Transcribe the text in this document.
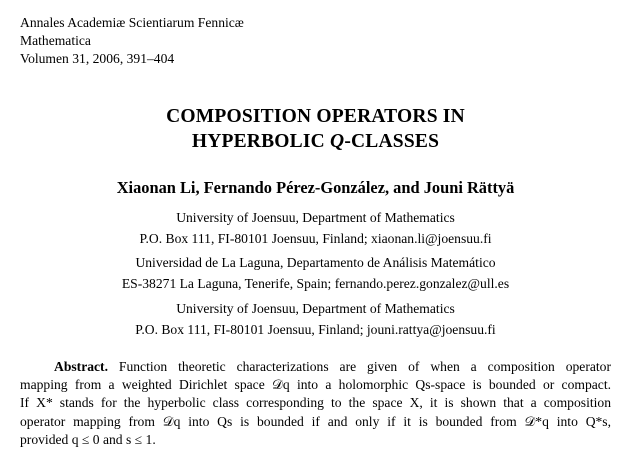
Annales Academiæ Scientiarum Fennicæ
Mathematica
Volumen 31, 2006, 391–404
COMPOSITION OPERATORS IN
HYPERBOLIC Q-CLASSES
Xiaonan Li, Fernando Pérez-González, and Jouni Rättyä
University of Joensuu, Department of Mathematics
P.O. Box 111, FI-80101 Joensuu, Finland; xiaonan.li@joensuu.fi
Universidad de La Laguna, Departamento de Análisis Matemático
ES-38271 La Laguna, Tenerife, Spain; fernando.perez.gonzalez@ull.es
University of Joensuu, Department of Mathematics
P.O. Box 111, FI-80101 Joensuu, Finland; jouni.rattya@joensuu.fi
Abstract. Function theoretic characterizations are given of when a composition operator
mapping from a weighted Dirichlet space 𝒟q into a holomorphic Qs-space is bounded or compact.
If X* stands for the hyperbolic class corresponding to the space X, it is shown that a composition
operator mapping from 𝒟q into Qs is bounded if and only if it is bounded from 𝒟*q into Q*s,
provided q ≤ 0 and s ≤ 1.
